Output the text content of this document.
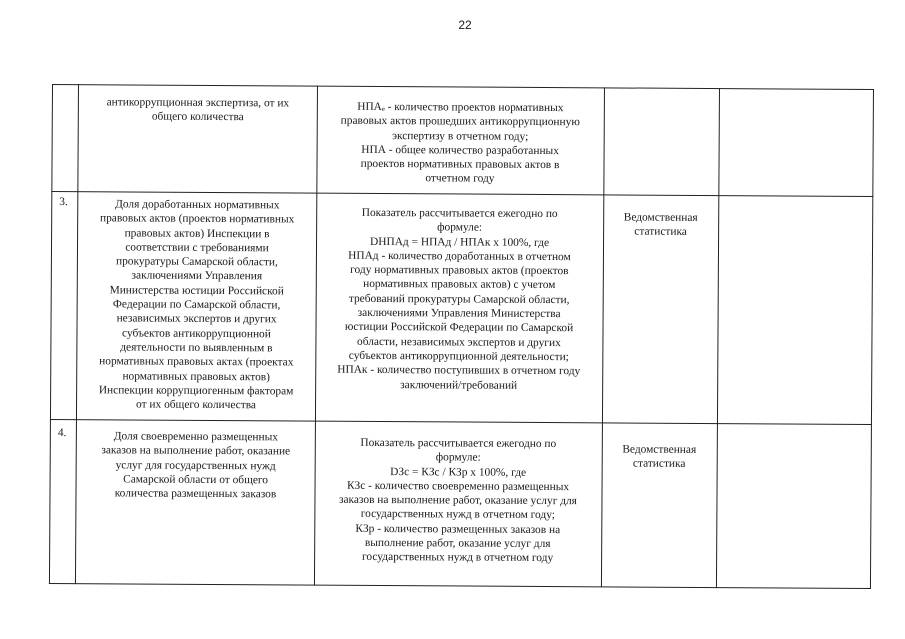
22
антикоррупционная экспертиза, от их
общего количества
НПАₑ - количество проектов нормативных
правовых актов прошедших антикоррупционную
экспертизу в отчетном году;
НПА - общее количество разработанных
проектов нормативных правовых актов в
отчетном году
3.	Доля доработанных нормативных
правовых актов (проектов нормативных
правовых актов) Инспекции в
соответствии с требованиями
прокуратуры Самарской области,
заключениями Управления
Министерства юстиции Российской
Федерации по Самарской области,
независимых экспертов и других
субъектов антикоррупционной
деятельности по выявленным в
нормативных правовых актах (проектах
нормативных правовых актов)
Инспекции коррупциогенным факторам
от их общего количества
Показатель рассчитывается ежегодно по
формуле:
DНПАд = НПАд / НПАк х 100%, где
НПАд - количество доработанных в отчетном
году нормативных правовых актов (проектов
нормативных правовых актов) с учетом
требований прокуратуры Самарской области,
заключениями Управления Министерства
юстиции Российской Федерации по Самарской
области, независимых экспертов и других
субъектов антикоррупционной деятельности;
НПАк - количество поступивших в отчетном году
заключений/требований
Ведомственная
статистика
4.	Доля своевременно размещенных
заказов на выполнение работ, оказание
услуг для государственных нужд
Самарской области от общего
количества размещенных заказов
Показатель рассчитывается ежегодно по
формуле:
DЗс = КЗс / КЗр х 100%, где
КЗс - количество своевременно размещенных
заказов на выполнение работ, оказание услуг для
государственных нужд в отчетном году;
КЗр - количество размещенных заказов на
выполнение работ, оказание услуг для
государственных нужд в отчетном году
Ведомственная
статистика
